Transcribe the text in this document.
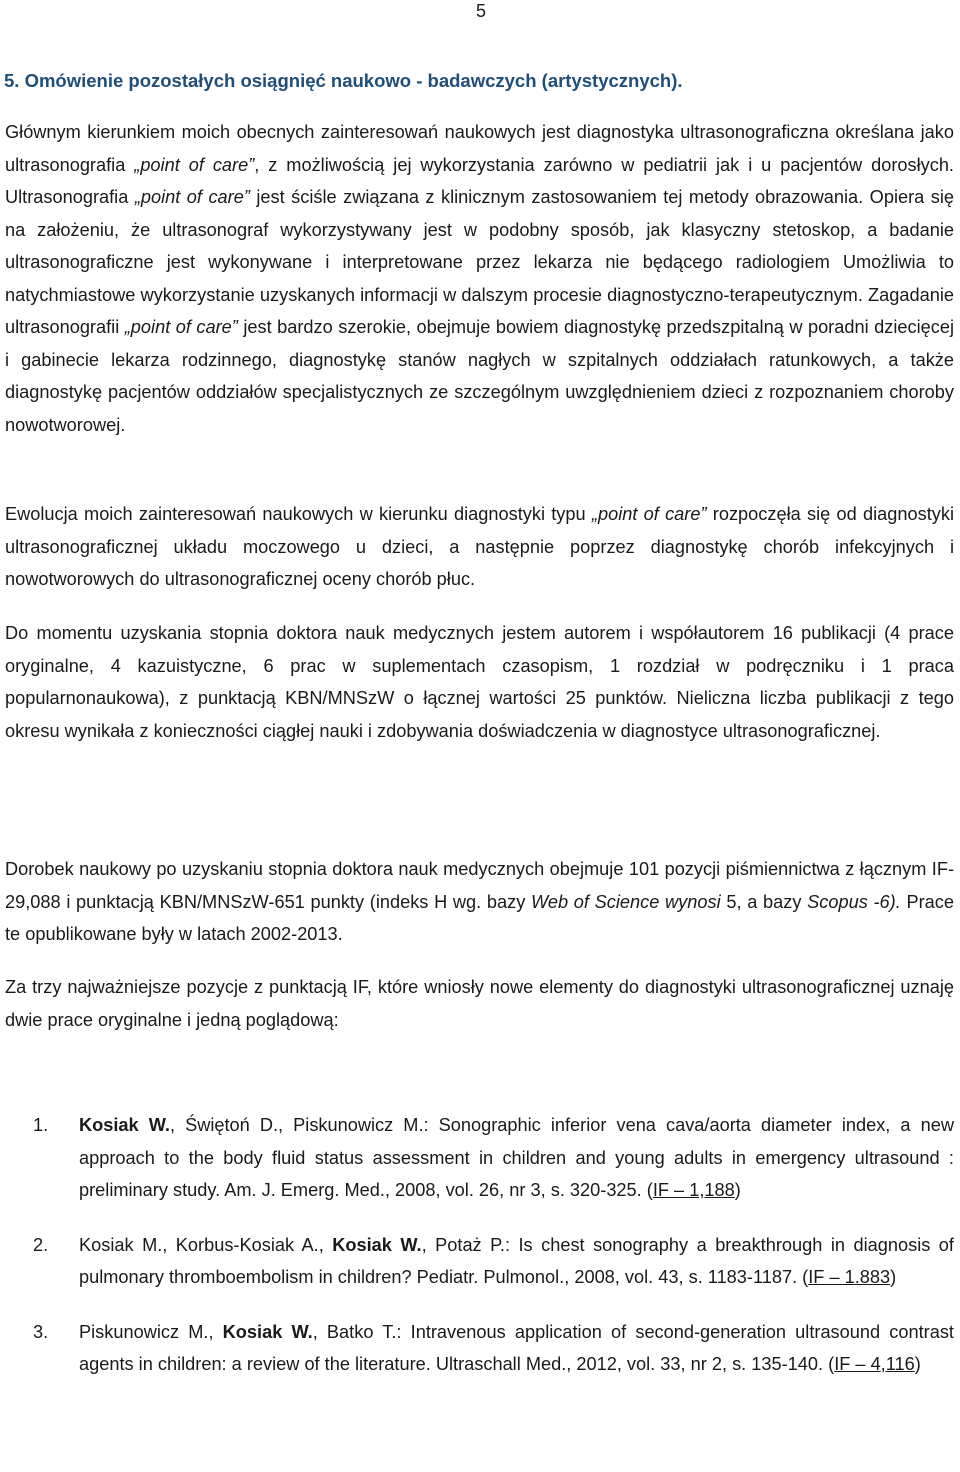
5
5. Omówienie pozostałych osiągnięć naukowo - badawczych (artystycznych).
Głównym kierunkiem moich obecnych zainteresowań naukowych jest diagnostyka ultrasonograficzna określana jako ultrasonografia „point of care”, z możliwością jej wykorzystania zarówno w pediatrii jak i u pacjentów dorosłych. Ultrasonografia „point of care” jest ściśle związana z klinicznym zastosowaniem tej metody obrazowania. Opiera się na założeniu, że ultrasonograf wykorzystywany jest w podobny sposób, jak klasyczny stetoskop, a badanie ultrasonograficzne jest wykonywane i interpretowane przez lekarza nie będącego radiologiem Umożliwia to natychmiastowe wykorzystanie uzyskanych informacji w dalszym procesie diagnostyczno-terapeutycznym. Zagadanie ultrasonografii „point of care” jest bardzo szerokie, obejmuje bowiem diagnostykę przedszpitalną w poradni dziecięcej i gabinecie lekarza rodzinnego, diagnostykę stanów nagłych w szpitalnych oddziałach ratunkowych, a także diagnostykę pacjentów oddziałów specjalistycznych ze szczególnym uwzględnieniem dzieci z rozpoznaniem choroby nowotworowej.
Ewolucja moich zainteresowań naukowych w kierunku diagnostyki typu „point of care” rozpoczęła się od diagnostyki ultrasonograficznej układu moczowego u dzieci, a następnie poprzez diagnostykę chorób infekcyjnych i nowotworowych do ultrasonograficznej oceny chorób płuc.
Do momentu uzyskania stopnia doktora nauk medycznych jestem autorem i współautorem 16 publikacji (4 prace oryginalne, 4 kazuistyczne, 6 prac w suplementach czasopism, 1 rozdział w podręczniku i 1 praca popularnonaukowa), z punktacją KBN/MNSzW o łącznej wartości 25 punktów. Nieliczna liczba publikacji z tego okresu wynikała z konieczności ciągłej nauki i zdobywania doświadczenia w diagnostyce ultrasonograficznej.
Dorobek naukowy po uzyskaniu stopnia doktora nauk medycznych obejmuje 101 pozycji piśmiennictwa z łącznym IF-29,088 i punktacją KBN/MNSzW-651 punkty (indeks H wg. bazy Web of Science wynosi 5, a bazy Scopus -6). Prace te opublikowane były w latach 2002-2013.
Za trzy najważniejsze pozycje z punktacją IF, które wniosły nowe elementy do diagnostyki ultrasonograficznej uznaję dwie prace oryginalne i jedną poglądową:
1.	Kosiak W., Świętoń D., Piskunowicz M.: Sonographic inferior vena cava/aorta diameter index, a new approach to the body fluid status assessment in children and young adults in emergency ultrasound : preliminary study. Am. J. Emerg. Med., 2008, vol. 26, nr 3, s. 320-325. (IF – 1,188)
2.	Kosiak M., Korbus-Kosiak A., Kosiak W., Potaż P.: Is chest sonography a breakthrough in diagnosis of pulmonary thromboembolism in children? Pediatr. Pulmonol., 2008, vol. 43, s. 1183-1187. (IF – 1.883)
3.	Piskunowicz M., Kosiak W., Batko T.: Intravenous application of second-generation ultrasound contrast agents in children: a review of the literature. Ultraschall Med., 2012, vol. 33, nr 2, s. 135-140. (IF – 4,116)
